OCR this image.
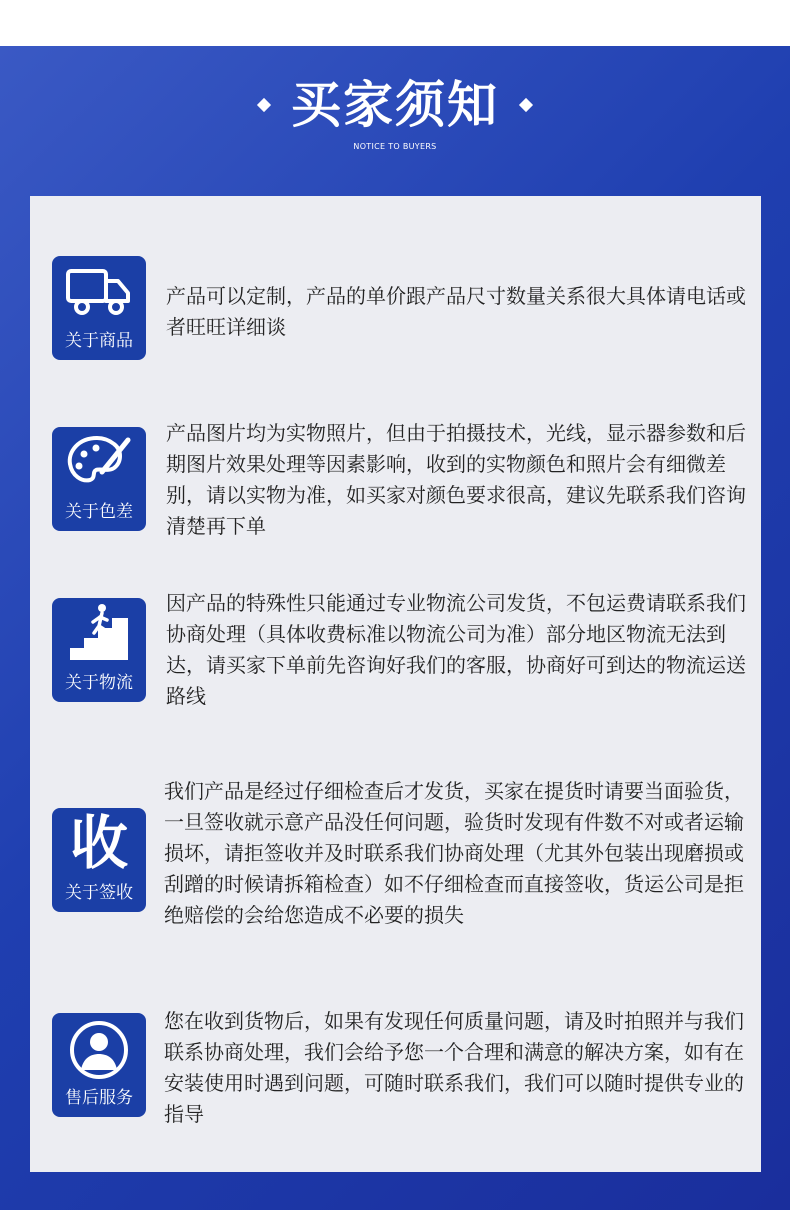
买家须知
NOTICE TO BUYERS
关于商品
产品可以定制，产品的单价跟产品尺寸数量关系很大具体请电话或者旺旺详细谈
关于色差
产品图片均为实物照片，但由于拍摄技术，光线，显示器参数和后期图片效果处理等因素影响，收到的实物颜色和照片会有细微差别，请以实物为准，如买家对颜色要求很高，建议先联系我们咨询清楚再下单
关于物流
因产品的特殊性只能通过专业物流公司发货，不包运费请联系我们协商处理（具体收费标准以物流公司为准）部分地区物流无法到达，请买家下单前先咨询好我们的客服，协商好可到达的物流运送路线
收
关于签收
我们产品是经过仔细检查后才发货，买家在提货时请要当面验货，一旦签收就示意产品没任何问题，验货时发现有件数不对或者运输损坏，请拒签收并及时联系我们协商处理（尤其外包装出现磨损或刮蹭的时候请拆箱检查）如不仔细检查而直接签收，货运公司是拒绝赔偿的会给您造成不必要的损失
售后服务
您在收到货物后，如果有发现任何质量问题，请及时拍照并与我们联系协商处理，我们会给予您一个合理和满意的解决方案，如有在安装使用时遇到问题，可随时联系我们，我们可以随时提供专业的指导
